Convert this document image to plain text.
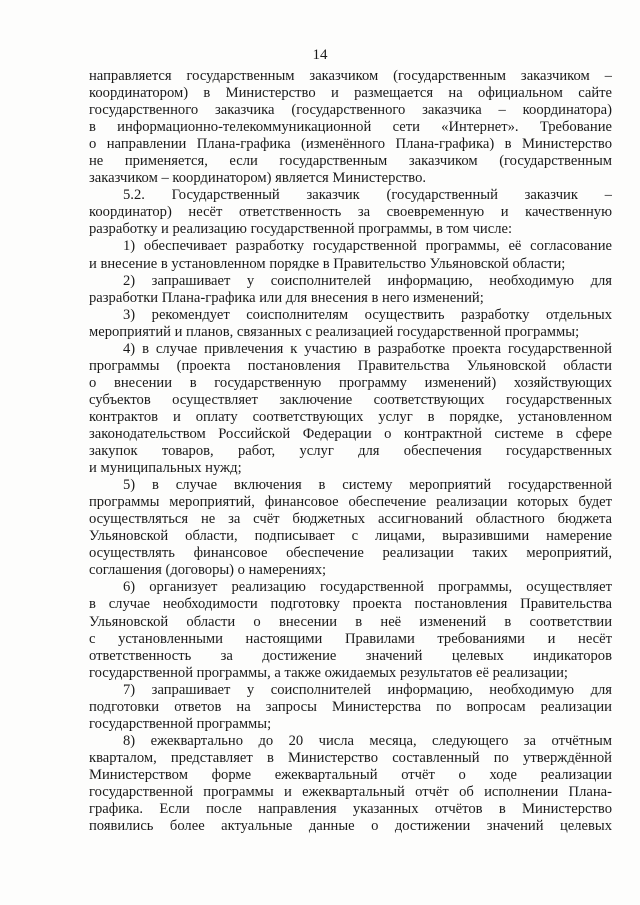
14
направляется государственным заказчиком (государственным заказчиком –
координатором) в Министерство и размещается на официальном сайте
государственного заказчика (государственного заказчика – координатора)
в информационно-телекоммуникационной сети «Интернет». Требование
о направлении Плана-графика (изменённого Плана-графика) в Министерство
не применяется, если государственным заказчиком (государственным
заказчиком – координатором) является Министерство.
5.2. Государственный заказчик (государственный заказчик –
координатор) несёт ответственность за своевременную и качественную
разработку и реализацию государственной программы, в том числе:
1) обеспечивает разработку государственной программы, её согласование
и внесение в установленном порядке в Правительство Ульяновской области;
2) запрашивает у соисполнителей информацию, необходимую для
разработки Плана-графика или для внесения в него изменений;
3) рекомендует соисполнителям осуществить разработку отдельных
мероприятий и планов, связанных с реализацией государственной программы;
4) в случае привлечения к участию в разработке проекта государственной
программы (проекта постановления Правительства Ульяновской области
о внесении в государственную программу изменений) хозяйствующих
субъектов осуществляет заключение соответствующих государственных
контрактов и оплату соответствующих услуг в порядке, установленном
законодательством Российской Федерации о контрактной системе в сфере
закупок товаров, работ, услуг для обеспечения государственных
и муниципальных нужд;
5) в случае включения в систему мероприятий государственной
программы мероприятий, финансовое обеспечение реализации которых будет
осуществляться не за счёт бюджетных ассигнований областного бюджета
Ульяновской области, подписывает с лицами, выразившими намерение
осуществлять финансовое обеспечение реализации таких мероприятий,
соглашения (договоры) о намерениях;
6) организует реализацию государственной программы, осуществляет
в случае необходимости подготовку проекта постановления Правительства
Ульяновской области о внесении в неё изменений в соответствии
с установленными настоящими Правилами требованиями и несёт
ответственность за достижение значений целевых индикаторов
государственной программы, а также ожидаемых результатов её реализации;
7) запрашивает у соисполнителей информацию, необходимую для
подготовки ответов на запросы Министерства по вопросам реализации
государственной программы;
8) ежеквартально до 20 числа месяца, следующего за отчётным
кварталом, представляет в Министерство составленный по утверждённой
Министерством форме ежеквартальный отчёт о ходе реализации
государственной программы и ежеквартальный отчёт об исполнении Плана-
графика. Если после направления указанных отчётов в Министерство
появились более актуальные данные о достижении значений целевых
